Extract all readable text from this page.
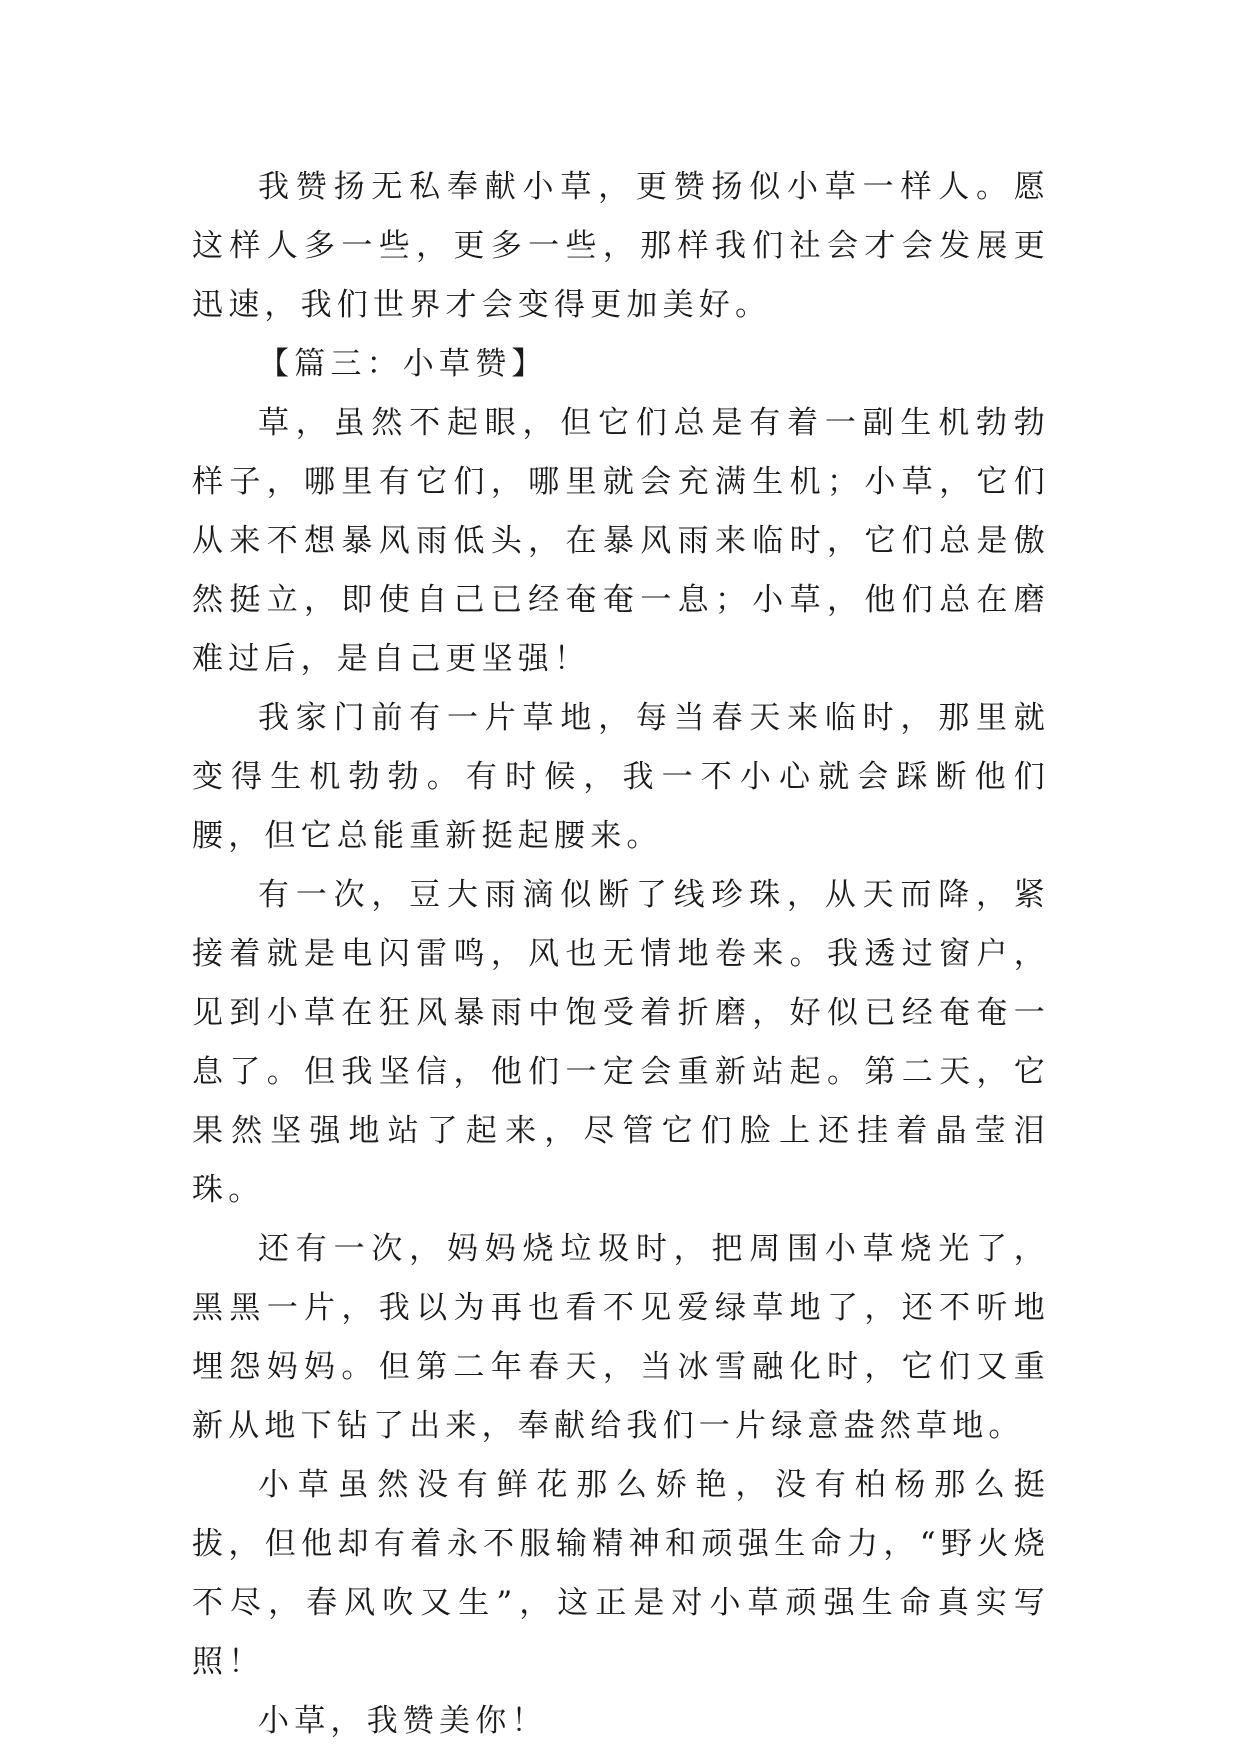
我赞扬无私奉献小草，更赞扬似小草一样人。愿这样人多一些，更多一些，那样我们社会才会发展更迅速，我们世界才会变得更加美好。

【篇三：小草赞】

草，虽然不起眼，但它们总是有着一副生机勃勃样子，哪里有它们，哪里就会充满生机；小草，它们从来不想暴风雨低头，在暴风雨来临时，它们总是傲然挺立，即使自己已经奄奄一息；小草，他们总在磨难过后，是自己更坚强！

我家门前有一片草地，每当春天来临时，那里就变得生机勃勃。有时候，我一不小心就会踩断他们腰，但它总能重新挺起腰来。

有一次，豆大雨滴似断了线珍珠，从天而降，紧接着就是电闪雷鸣，风也无情地卷来。我透过窗户，见到小草在狂风暴雨中饱受着折磨，好似已经奄奄一息了。但我坚信，他们一定会重新站起。第二天，它果然坚强地站了起来，尽管它们脸上还挂着晶莹泪珠。

还有一次，妈妈烧垃圾时，把周围小草烧光了，黑黑一片，我以为再也看不见爱绿草地了，还不听地埋怨妈妈。但第二年春天，当冰雪融化时，它们又重新从地下钻了出来，奉献给我们一片绿意盎然草地。

小草虽然没有鲜花那么娇艳，没有柏杨那么挺拔，但他却有着永不服输精神和顽强生命力，“野火烧不尽，春风吹又生”，这正是对小草顽强生命真实写照！

小草，我赞美你！
